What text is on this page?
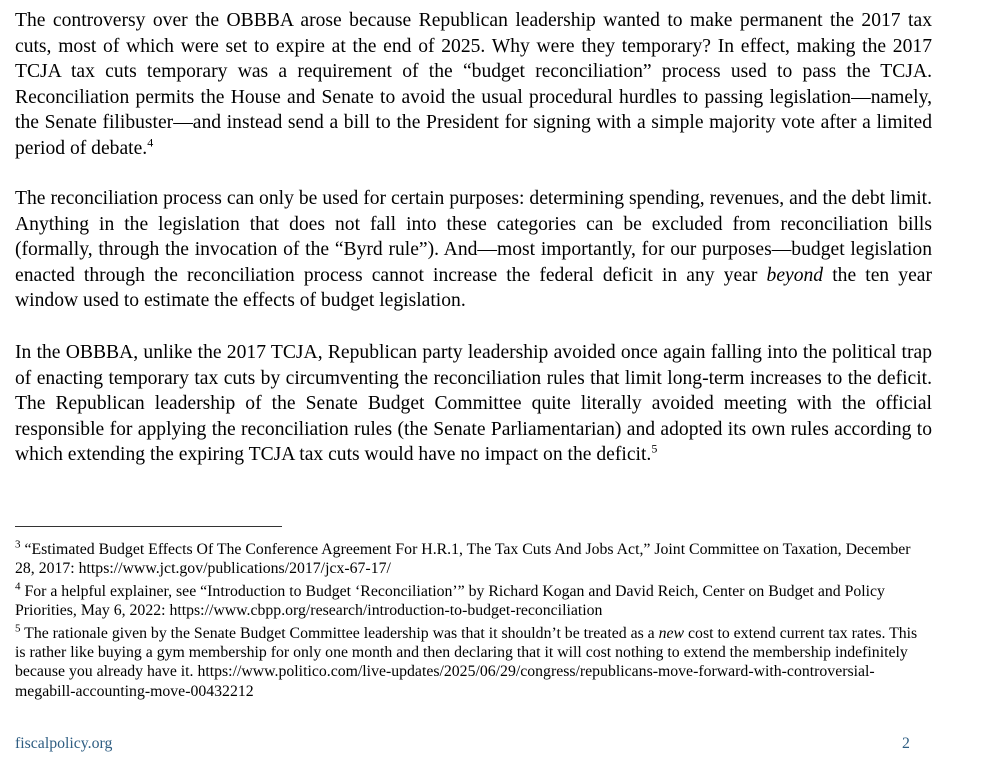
The controversy over the OBBBA arose because Republican leadership wanted to make permanent the 2017 tax cuts, most of which were set to expire at the end of 2025. Why were they temporary? In effect, making the 2017 TCJA tax cuts temporary was a requirement of the “budget reconciliation” process used to pass the TCJA. Reconciliation permits the House and Senate to avoid the usual procedural hurdles to passing legislation—namely, the Senate filibuster—and instead send a bill to the President for signing with a simple majority vote after a limited period of debate.$^4$

The reconciliation process can only be used for certain purposes: determining spending, revenues, and the debt limit. Anything in the legislation that does not fall into these categories can be excluded from reconciliation bills (formally, through the invocation of the “Byrd rule”). And—most importantly, for our purposes—budget legislation enacted through the reconciliation process cannot increase the federal deficit in any year beyond the ten year window used to estimate the effects of budget legislation.

In the OBBBA, unlike the 2017 TCJA, Republican party leadership avoided once again falling into the political trap of enacting temporary tax cuts by circumventing the reconciliation rules that limit long-term increases to the deficit. The Republican leadership of the Senate Budget Committee quite literally avoided meeting with the official responsible for applying the reconciliation rules (the Senate Parliamentarian) and adopted its own rules according to which extending the expiring TCJA tax cuts would have no impact on the deficit.$^5$

$^3$ “Estimated Budget Effects Of The Conference Agreement For H.R.1, The Tax Cuts And Jobs Act,” Joint Committee on Taxation, December 28, 2017: https://www.jct.gov/publications/2017/jcx-67-17/

$^4$ For a helpful explainer, see “Introduction to Budget ‘Reconciliation’” by Richard Kogan and David Reich, Center on Budget and Policy Priorities, May 6, 2022: https://www.cbpp.org/research/introduction-to-budget-reconciliation

$^5$ The rationale given by the Senate Budget Committee leadership was that it shouldn’t be treated as a new cost to extend current tax rates. This is rather like buying a gym membership for only one month and then declaring that it will cost nothing to extend the membership indefinitely because you already have it. https://www.politico.com/live-updates/2025/06/29/congress/republicans-move-forward-with-controversial-megabill-accounting-move-00432212

fiscalpolicy.org	2
